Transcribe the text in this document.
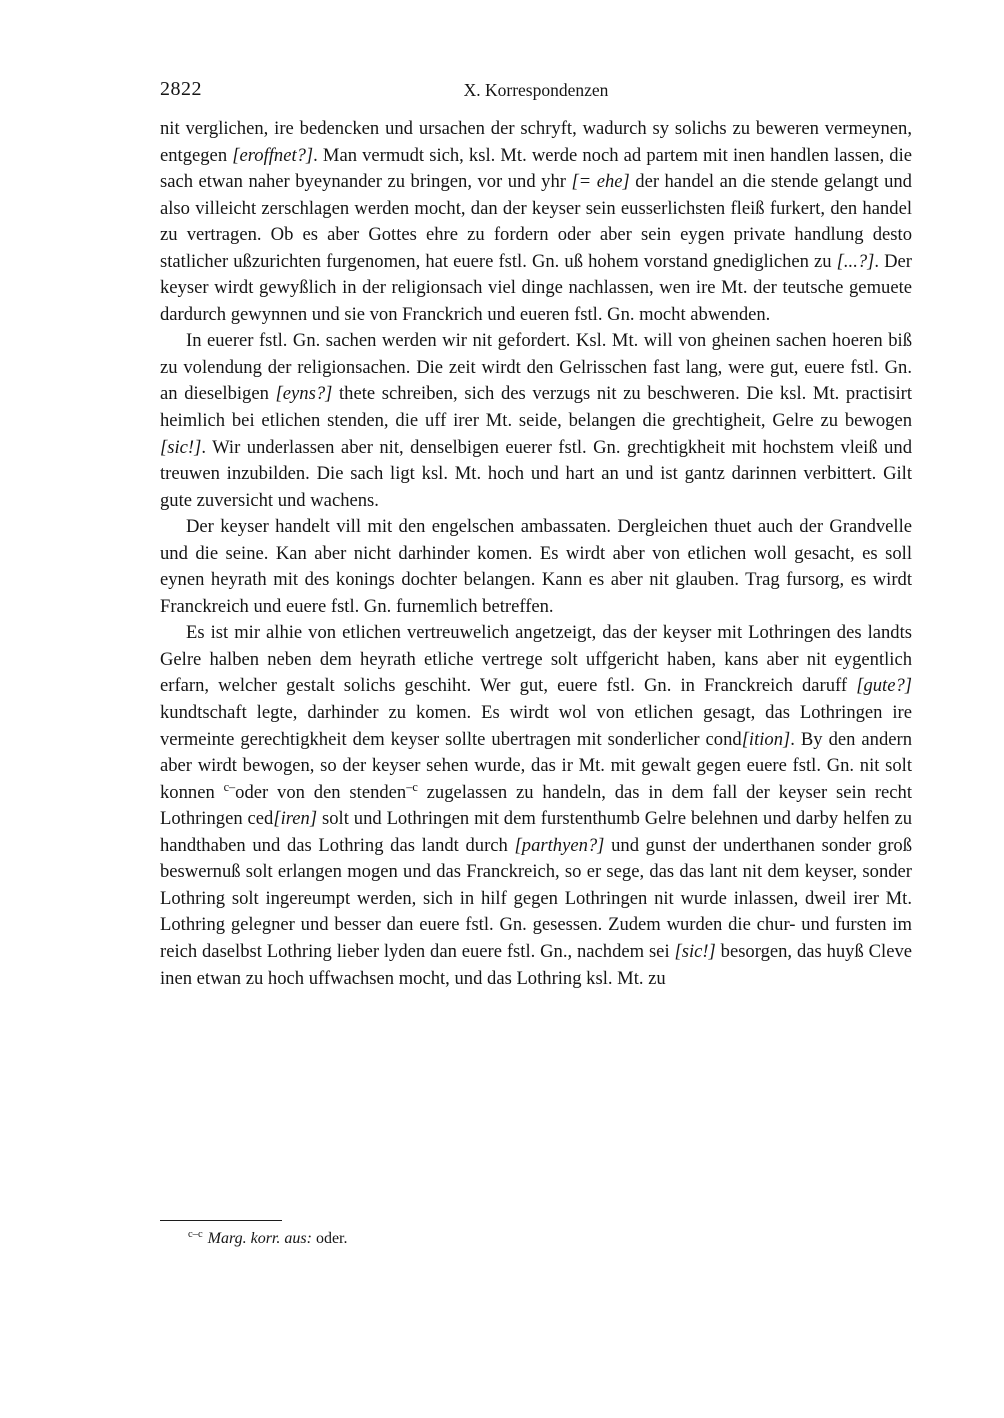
2822	X. Korrespondenzen

nit verglichen, ire bedencken und ursachen der schryft, wadurch sy solichs zu beweren vermeynen, entgegen [eroffnet?]. Man vermudt sich, ksl. Mt. werde noch ad partem mit inen handlen lassen, die sach etwan naher byeynander zu bringen, vor und yhr [= ehe] der handel an die stende gelangt und also villeicht zerschlagen werden mocht, dan der keyser sein eusserlichsten fleiß furkert, den handel zu vertragen. Ob es aber Gottes ehre zu fordern oder aber sein eygen private handlung desto statlicher ußzurichten furgenomen, hat euere fstl. Gn. uß hohem vorstand gnediglichen zu [...?]. Der keyser wirdt gewyßlich in der religionsach viel dinge nachlassen, wen ire Mt. der teutsche gemuete dardurch gewynnen und sie von Franckrich und eueren fstl. Gn. mocht abwenden.

In euerer fstl. Gn. sachen werden wir nit gefordert. Ksl. Mt. will von gheinen sachen hoeren biß zu volendung der religionsachen. Die zeit wirdt den Gelrisschen fast lang, were gut, euere fstl. Gn. an dieselbigen [eyns?] thete schreiben, sich des verzugs nit zu beschweren. Die ksl. Mt. practisirt heimlich bei etlichen stenden, die uff irer Mt. seide, belangen die grechtigheit, Gelre zu bewogen [sic!]. Wir underlassen aber nit, denselbigen euerer fstl. Gn. grechtigkheit mit hochstem vleiß und treuwen inzubilden. Die sach ligt ksl. Mt. hoch und hart an und ist gantz darinnen verbittert. Gilt gute zuversicht und wachens.

Der keyser handelt vill mit den engelschen ambassaten. Dergleichen thuet auch der Grandvelle und die seine. Kan aber nicht darhinder komen. Es wirdt aber von etlichen woll gesacht, es soll eynen heyrath mit des konings dochter belangen. Kann es aber nit glauben. Trag fursorg, es wirdt Franckreich und euere fstl. Gn. furnemlich betreffen.

Es ist mir alhie von etlichen vertreuwelich angetzeigt, das der keyser mit Lothringen des landts Gelre halben neben dem heyrath etliche vertrege solt uffgericht haben, kans aber nit eygentlich erfarn, welcher gestalt solichs geschiht. Wer gut, euere fstl. Gn. in Franckreich daruff [gute?] kundtschaft legte, darhinder zu komen. Es wirdt wol von etlichen gesagt, das Lothringen ire vermeinte gerechtigkheit dem keyser sollte ubertragen mit sonderlicher cond[ition]. By den andern aber wirdt bewogen, so der keyser sehen wurde, das ir Mt. mit gewalt gegen euere fstl. Gn. nit solt konnen $^{c-}$oder von den stenden$^{-c}$ zugelassen zu handeln, das in dem fall der keyser sein recht Lothringen ced[iren] solt und Lothringen mit dem furstenthumb Gelre belehnen und darby helfen zu handthaben und das Lothring das landt durch [parthyen?] und gunst der underthanen sonder groß beswernuß solt erlangen mogen und das Franckreich, so er sege, das das lant nit dem keyser, sonder Lothring solt ingereumpt werden, sich in hilf gegen Lothringen nit wurde inlassen, dweil irer Mt. Lothring gelegner und besser dan euere fstl. Gn. gesessen. Zudem wurden die chur- und fursten im reich daselbst Lothring lieber lyden dan euere fstl. Gn., nachdem sei [sic!] besorgen, das huyß Cleve inen etwan zu hoch uffwachsen mocht, und das Lothring ksl. Mt. zu

$^{c-c}$ Marg. korr. aus: oder.
